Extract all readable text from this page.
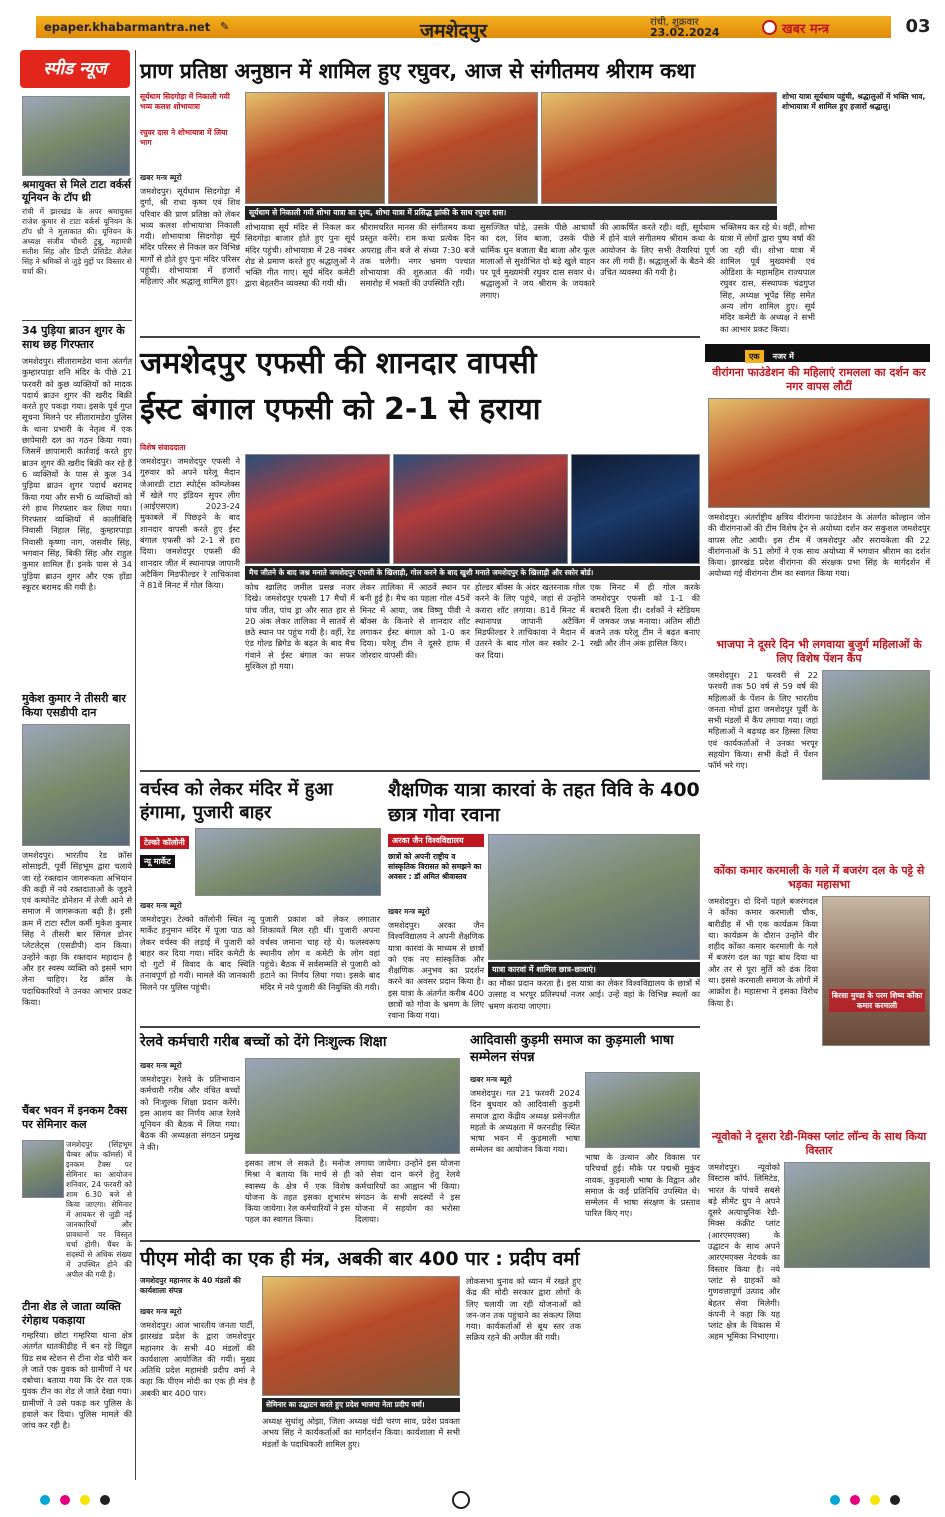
epaper.khabarmantra.net ✎	जमशेदपुर	रांची, शुक्रवार
23.02.2024	खबर मन्त्र	03
स्पीड न्यूज
श्रमायुक्त से मिले टाटा वर्कर्स यूनियन के टॉप थ्री
रांची में झारखंड के अपर श्रमायुक्त राजेश कुमार से टाटा वर्कर्स यूनियन के टॉप थ्री ने मुलाकात की। यूनियन के अध्यक्ष संजीव चौधरी टुन्नू, महामंत्री सतीश सिंह और डिप्टी प्रेसिडेंट शैलेश सिंह ने श्रमिकों से जुड़े मुद्दों पर विस्तार से चर्चा की।
34 पुड़िया ब्राउन शुगर के साथ छह गिरफ्तार
जमशेदपुर। सीतारामडेरा थाना अंतर्गत कुम्हारपाड़ा शनि मंदिर के पीछे 21 फरवरी को कुछ व्यक्तियों को मादक पदार्थ ब्राउन शुगर की खरीद बिक्री करते हुए पकड़ा गया। इसके पूर्व गुप्त सूचना मिलने पर सीतारामडेरा पुलिस के थाना प्रभारी के नेतृत्व में एक छापेमारी दल का गठन किया गया। जिसमें छापामारी कार्रवाई करते हुए ब्राउन शुगर की खरीद बिक्री कर रहे हैं 6 व्यक्तियों के पास से कुल 34 पुड़िया ब्राउन शुगर पदार्थ बरामद किया गया और सभी 6 व्यक्तियों को रंगे हाथ गिरफ्तार कर लिया गया। गिरफ्तार व्यक्तियों में कालीबिंदि निवासी निहाल सिंह, कुम्हारपाड़ा निवासी कृष्णा नाग, जसवीर सिंह, भगवान सिंह, बिकी सिंह और राहुल कुमार शामिल हैं। इनके पास से 34 पुड़िया ब्राउन शुगर और एक होंडा स्कूटर बरामद की गयी है।
मुकेश कुमार ने तीसरी बार किया एसडीपी दान
जमशेदपुर। भारतीय रेड क्रॉस सोसाइटी, पूर्वी सिंहभूम द्वारा चलाये जा रहे रक्तदान जागरूकता अभियान की कड़ी में नये रक्तदाताओं के जुड़ने एवं कम्पोनेंट डोनेशन में तेजी आने से समाज में जागरूकता बढ़ी है। इसी क्रम में टाटा स्टील कर्मी मुकेश कुमार सिंह ने तीसरी बार सिंगल डोनर प्लेटलेट्स (एसडीपी) दान किया। उन्होंने कहा कि रक्तदान महादान है और हर स्वस्थ व्यक्ति को इसमें भाग लेना चाहिए। रेड क्रॉस के पदाधिकारियों ने उनका आभार प्रकट किया।
चैंबर भवन में इनकम टैक्स पर सेमिनार कल
जमशेदपुर (सिंहभूम चैम्बर ऑफ कॉमर्स) में इनकम टैक्स पर सेमिनार का आयोजन शनिवार, 24 फरवरी को शाम 6.30 बजे से किया जाएगा। सेमिनार में आयकर से जुड़ी नई जानकारियों और प्रावधानों पर विस्तृत चर्चा होगी। चैंबर के सदस्यों से अधिक संख्या में उपस्थित होने की अपील की गयी है।
टीना शेड ले जाता व्यक्ति रंगेहाथ पकड़ाया
गम्हरिया। छोटा गम्हरिया थाना क्षेत्र अंतर्गत धातकीडीह में बन रहे विद्युत ग्रिड सब स्टेशन से टीना शेड चोरी कर ले जाते एक युवक को ग्रामीणों ने धर दबोचा। बताया गया कि देर रात एक युवक टीन का शेड ले जाते देखा गया। ग्रामीणों ने उसे पकड़ कर पुलिस के हवाले कर दिया। पुलिस मामले की जांच कर रही है।
प्राण प्रतिष्ठा अनुष्ठान में शामिल हुए रघुवर, आज से संगीतमय श्रीराम कथा
सूर्यधाम सिदगोड़ा में निकाली गयी भव्य कलश शोभायात्रा
रघुवर दास ने शोभायात्रा में लिया भाग
सूर्यधाम से निकाली गयी शोभा यात्रा का दृश्य, शोभा यात्रा में प्रसिद्ध झांकी के साथ रघुवर दास।
खबर मन्त्र ब्यूरो
जमशेदपुर। सूर्यधाम सिदगोड़ा में दुर्गा, श्री राधा कृष्ण एवं शिव परिवार की प्राण प्रतिष्ठा को लेकर भव्य कलश शोभायात्रा निकाली गयी। शोभायात्रा सिदगोड़ा सूर्य मंदिर परिसर से निकल कर विभिन्न मार्गों से होते हुए पुनः मंदिर परिसर पहुंची। शोभायात्रा में हजारों महिलाएं और श्रद्धालु शामिल हुए।
शोभायात्रा सूर्य मंदिर से निकल कर सिदगोड़ा बाजार होते हुए पुनः सूर्य मंदिर पहुंची। शोभायात्रा में 28 नवंबर रोड से प्रमाण करते हुए श्रद्धालुओं ने भक्ति गीत गाए। सूर्य मंदिर कमेटी द्वारा बेहतरीन व्यवस्था की गयी थी।
श्रीरामचरित मानस की संगीतमय कथा प्रस्तुत करेंगे। राम कथा प्रत्येक दिन अपराह्न तीन बजे से संध्या 7:30 बजे तक चलेगी। नगर भ्रमण पश्चात शोभायात्रा की शुरुआत की गयी। समारोह में भक्तों की उपस्थिति रही।
सुसज्जित घोड़े, उसके पीछे आचार्यों का दल, शिव बाजा, उसके पीछे धार्मिक धुन बजाता बैंड बाजा और फूल मालाओं से सुशोभित दो बड़े खुले वाहन पर पूर्व मुख्यमंत्री रघुवर दास सवार थे। श्रद्धालुओं ने जय श्रीराम के जयकारे लगाए।
की आकर्षित करते रही। वहीं, सूर्यधाम में होने वाले संगीतमय श्रीराम कथा के आयोजन के लिए सभी तैयारियां पूर्ण कर ली गयी हैं। श्रद्धालुओं के बैठने की उचित व्यवस्था की गयी है।
शोभा यात्रा सूर्यधाम पहुंची, श्रद्धालुओं में भक्ति भाव, शोभायात्रा में शामिल हुए हजारों श्रद्धालु।
भक्तिमय कर रहे थे। वहीं, शोभा यात्रा में लोगों द्वारा पुष्प वर्षा की जा रही थी। शोभा यात्रा में शामिल पूर्व मुख्यमंत्री एवं ओडिशा के महामहिम राज्यपाल रघुवर दास, संस्थापक चंद्रगुप्त सिंह, अध्यक्ष भूपेंद्र सिंह समेत अन्य लोग शामिल हुए। सूर्य मंदिर कमेटी के अध्यक्ष ने सभी का आभार प्रकट किया।
जमशेदपुर एफसी की शानदार वापसी
ईस्ट बंगाल एफसी को 2-1 से हराया
विशेष संवाददाता
जमशेदपुर। जमशेदपुर एफसी ने गुरुवार को अपने घरेलू मैदान जेआरडी टाटा स्पोर्ट्स कॉम्प्लेक्स में खेले गए इंडियन सुपर लीग (आईएसएल) 2023-24 मुकाबले में पिछड़ने के बाद शानदार वापसी करते हुए ईस्ट बंगाल एफसी को 2-1 से हरा दिया। जमशेदपुर एफसी की शानदार जीत में स्थानापन्न जापानी अटैकिंग मिडफील्डर रे ताचिकावा ने 81वें मिनट में गोल किया।
मैच जीतने के बाद जश्न मनाते जमशेदपुर एफसी के खिलाड़ी, गोल करने के बाद खुशी मनाते जमशेदपुर के खिलाड़ी और स्कोर बोर्ड।
कोच खालिद जमील प्रसन्न नजर दिखे। जमशेदपुर एफसी 17 मैचों में पांच जीत, पांच ड्रा और सात हार से 20 अंक लेकर तालिका में सातवें से छठे स्थान पर पहुंच गयी है। वहीं, रेड एंड गोल्ड ब्रिगेड के बढ़त के बाद मैच गंवाने से ईस्ट बंगाल का सफर मुश्किल हो गया।
लेकर तालिका में आठवें स्थान पर बनी हुई है। मैच का पहला गोल 45वें मिनट में आया, जब विष्णु पीवी ने बॉक्स के किनारे से शानदार शॉट लगाकर ईस्ट बंगाल को 1-0 कर दिया। घरेलू टीम ने दूसरे हाफ में जोरदार वापसी की।
होल्डर बॉक्स के अंदर खतरनाक गोल करने के लिए पहुंचे, जहां से उन्होंने करारा शॉट लगाया। 81वें मिनट में स्थानापन्न जापानी अटैकिंग मिडफील्डर रे ताचिकावा ने मैदान में उतरने के बाद गोल कर स्कोर 2-1 कर दिया।
एक मिनट में ही गोल करके जमशेदपुर एफसी को 1-1 की बराबरी दिला दी। दर्शकों ने स्टेडियम में जमकर जश्न मनाया। अंतिम सीटी बजने तक घरेलू टीम ने बढ़त बनाए रखी और तीन अंक हासिल किए।
एक नजर में
वीरांगना फाउंडेशन की महिलाएं रामलला का दर्शन कर नगर वापस लौटीं
जमशेदपुर। अंतर्राष्ट्रीय क्षत्रिय वीरांगना फाउंडेशन के अंतर्गत कोल्हान जोन की वीरांगनाओं की टीम विशेष ट्रेन से अयोध्या दर्शन कर सकुशल जमशेदपुर वापस लौट आयी। इस टीम में जमशेदपुर और सरायकेला की 22 वीरांगनाओं के 51 लोगों ने एक साथ अयोध्या में भगवान श्रीराम का दर्शन किया। झारखंड प्रदेश वीरांगना की संरक्षक प्रभा सिंह के मार्गदर्शन में अयोध्या गई वीरांगना टीम का स्वागत किया गया।
भाजपा ने दूसरे दिन भी लगवाया बुजुर्ग महिलाओं के लिए विशेष पेंशन कैंप
जमशेदपुर। 21 फरवरी से 22 फरवरी तक 50 वर्ष से 59 वर्ष की महिलाओं के पेंशन के लिए भारतीय जनता मोर्चा द्वारा जमशेदपुर पूर्वी के सभी मंडलों में कैंप लगाया गया। जहां महिलाओं ने बढ़चढ़ कर हिस्सा लिया एवं कार्यकर्ताओं ने उनका भरपूर सहयोग किया। सभी केंद्रों में पेंशन फॉर्म भरे गए।
कोंका कमार करमाली के गले में बजरंग दल के पट्टे से भड़का महासभा
जमशेदपुर। दो दिनों पहले बजरंगदल ने कोंका कमार करमाली चौक, बारीडीह में भी एक कार्यक्रम किया था। कार्यक्रम के दौरान उन्होंने वीर शहीद कोंका कमार करमाली के गले में बजरंग दल का पट्टा बांध दिया था और तर से पूरा मुर्ति को ढंक दिया था। इससे करमाली समाज के लोगों में आक्रोश है। महासभा ने इसका विरोध किया है।
बिरसा मुण्डा के परम शिष्य कोंका कमार करमाली
न्यूवोको ने दूसरा रेडी-मिक्स प्लांट लॉन्च के साथ किया विस्तार
जमशेदपुर। न्यूवोको विस्टास कॉर्प. लिमिटेड, भारत के पांचवें सबसे बड़े सीमेंट ग्रुप ने अपने दूसरे अत्याधुनिक रेडी-मिक्स कंक्रीट प्लांट (आरएमएक्स) के उद्घाटन के साथ अपने आरएमएक्स नेटवर्क का विस्तार किया है। नये प्लांट से ग्राहकों को गुणवत्तापूर्ण उत्पाद और बेहतर सेवा मिलेगी। कंपनी ने कहा कि यह प्लांट क्षेत्र के विकास में अहम भूमिका निभाएगा।
वर्चस्व को लेकर मंदिर में हुआ हंगामा, पुजारी बाहर
टेल्को कॉलोनी
न्यू मार्केट
खबर मन्त्र ब्यूरो
जमशेदपुर। टेल्को कॉलोनी स्थित न्यू मार्केट हनुमान मंदिर में पूजा पाठ को लेकर वर्चस्व की लड़ाई में पुजारी को बाहर कर दिया गया। मंदिर कमेटी के दो गुटों में विवाद के बाद स्थिति तनावपूर्ण हो गयी। मामले की जानकारी मिलने पर पुलिस पहुंची।
पुजारी प्रकाश को लेकर लगातार शिकायतें मिल रही थीं। पुजारी अपना वर्चस्व जमाना चाह रहे थे। फलस्वरूप स्थानीय लोग व कमेटी के लोग वहां पहुंचे। बैठक में सर्वसम्मति से पुजारी को हटाने का निर्णय लिया गया। इसके बाद मंदिर में नये पुजारी की नियुक्ति की गयी।
शैक्षणिक यात्रा कारवां के तहत विवि के 400 छात्र गोवा रवाना
अरका जैन विश्वविद्यालय
छात्रों को अपनी राष्ट्रीय व सांस्कृतिक विरासत को समझने का अवसर : डॉ अमित श्रीवास्तव
यात्रा कारवां में शामिल छात्र-छात्राएं।
खबर मन्त्र ब्यूरो
जमशेदपुर। अरका जैन विश्वविद्यालय ने अपनी शैक्षणिक यात्रा कारवां के माध्यम से छात्रों को एक नए सांस्कृतिक और शैक्षणिक अनुभव का प्रदर्शन करने का अवसर प्रदान किया है। इस यात्रा के अंतर्गत करीब 400 छात्रों को गोवा के भ्रमण के लिए रवाना किया गया।
का मौका प्रदान करता है। इस यात्रा का लेकर विश्वविद्यालय के छात्रों में उत्साह व भरपूर प्रतिस्पर्धा नजर आई। उन्हें वहां के विभिन्न स्थलों का भ्रमण कराया जाएगा।
रेलवे कर्मचारी गरीब बच्चों को देंगे निःशुल्क शिक्षा
खबर मन्त्र ब्यूरो
जमशेदपुर। रेलवे के प्रतिभावान कर्मचारी गरीब और वंचित बच्चों को निःशुल्क शिक्षा प्रदान करेंगे। इस आशय का निर्णय आज रेलवे यूनियन की बैठक में लिया गया। बैठक की अध्यक्षता संगठन प्रमुख ने की।
इसका लाभ ले सकते है। मनोज मिश्रा ने बताया कि मार्च से ही स्वास्थ्य के क्षेत्र में एक विशेष योजना के तहत इसका शुभारंभ किया जायेगा। रेल कर्मचारियों ने इस पहल का स्वागत किया।
लगाया जायेगा। उन्होंने इस योजना को सेवा दान करने हेतु रेलवे कर्मचारियों का आह्वान भी किया। संगठन के सभी सदस्यों ने इस योजना में सहयोग का भरोसा दिलाया।
आदिवासी कुड़मी समाज का कुड़माली भाषा सम्मेलन संपन्न
खबर मन्त्र ब्यूरो
जमशेदपुर। गत 21 फरवरी 2024 दिन बुधवार को आदिवासी कुड़मी समाज द्वारा केंद्रीय अध्यक्ष प्रसेनजीत महतो के अध्यक्षता में करनडीह स्थित भाषा भवन में कुड़माली भाषा सम्मेलन का आयोजन किया गया।
भाषा के उत्थान और विकास पर परिचर्चा हुई। मौके पर पद्मश्री मुकुंद नायक, कुड़माली भाषा के विद्वान और समाज के कई प्रतिनिधि उपस्थित थे। सम्मेलन में भाषा संरक्षण के प्रस्ताव पारित किए गए।
पीएम मोदी का एक ही मंत्र, अबकी बार 400 पार : प्रदीप वर्मा
जमशेदपुर महानगर के 40 मंडलों की कार्यशाला संपन्न
खबर मन्त्र ब्यूरो
जमशेदपुर। आज भारतीय जनता पार्टी, झारखंड प्रदेश के द्वारा जमशेदपुर महानगर के सभी 40 मंडलों की कार्यशाला आयोजित की गयी। मुख्य अतिथि प्रदेश महामंत्री प्रदीप वर्मा ने कहा कि पीएम मोदी का एक ही मंत्र है अबकी बार 400 पार।
सेमिनार का उद्घाटन करते हुए प्रदेश भाजपा नेता प्रदीप वर्मा।
अध्यक्ष सुधांशु ओझा, जिला अध्यक्ष चंडी चरण साव, प्रदेश प्रवक्ता अभय सिंह ने कार्यकर्ताओं का मार्गदर्शन किया। कार्यशाला में सभी मंडलों के पदाधिकारी शामिल हुए।
लोकसभा चुनाव को ध्यान में रखते हुए केंद्र की मोदी सरकार द्वारा लोगों के लिए चलायी जा रही योजनाओं को जन-जन तक पहुंचाने का संकल्प लिया गया। कार्यकर्ताओं से बूथ स्तर तक सक्रिय रहने की अपील की गयी।
